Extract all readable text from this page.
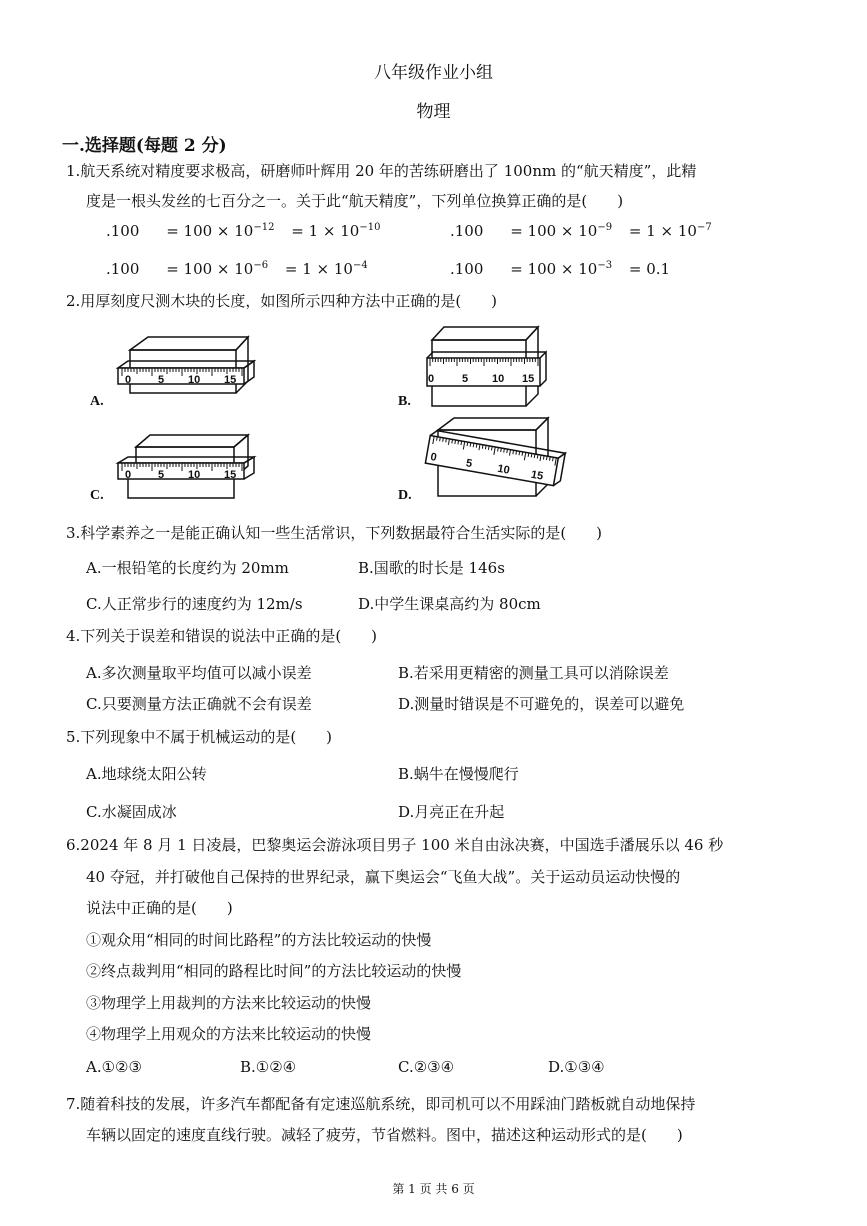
八年级作业小组
物理
一.选择题(每题 2 分)
1.航天系统对精度要求极高，研磨师叶辉用 20 年的苦练研磨出了 100nm 的“航天精度”，此精
度是一根头发丝的七百分之一。关于此“航天精度”，下列单位换算正确的是(　　)
$.100 = 100 \times 10^{-12} = 1 \times 10^{-10}$	$.100 = 100 \times 10^{-9} = 1 \times 10^{-7}$
$.100 = 100 \times 10^{-6} = 1 \times 10^{-4}$	$.100 = 100 \times 10^{-3} = 0.1$
2.用厚刻度尺测木块的长度，如图所示四种方法中正确的是(　　)
0 5 10 15
A.
0	5 10 15
B.
0 5 10 15
C.
0 5 10 15
D.
3.科学素养之一是能正确认知一些生活常识，下列数据最符合生活实际的是(　　)
A.一根铅笔的长度约为 20mm	B.国歌的时长是 146s
C.人正常步行的速度约为 12m/s	D.中学生课桌高约为 80cm
4.下列关于误差和错误的说法中正确的是(　　)
A.多次测量取平均值可以减小误差	B.若采用更精密的测量工具可以消除误差
C.只要测量方法正确就不会有误差	D.测量时错误是不可避免的，误差可以避免
5.下列现象中不属于机械运动的是(　　)
A.地球绕太阳公转	B.蜗牛在慢慢爬行
C.水凝固成冰	D.月亮正在升起
6.2024 年 8 月 1 日凌晨，巴黎奥运会游泳项目男子 100 米自由泳决赛，中国选手潘展乐以 46 秒
40 夺冠，并打破他自己保持的世界纪录，赢下奥运会“飞鱼大战”。关于运动员运动快慢的
说法中正确的是(　　)
①观众用“相同的时间比路程”的方法比较运动的快慢
②终点裁判用“相同的路程比时间”的方法比较运动的快慢
③物理学上用裁判的方法来比较运动的快慢
④物理学上用观众的方法来比较运动的快慢
A.①②③	B.①②④	C.②③④	D.①③④
7.随着科技的发展，许多汽车都配备有定速巡航系统，即司机可以不用踩油门踏板就自动地保持
车辆以固定的速度直线行驶。减轻了疲劳，节省燃料。图中，描述这种运动形式的是(　　)
第 1 页 共 6 页
